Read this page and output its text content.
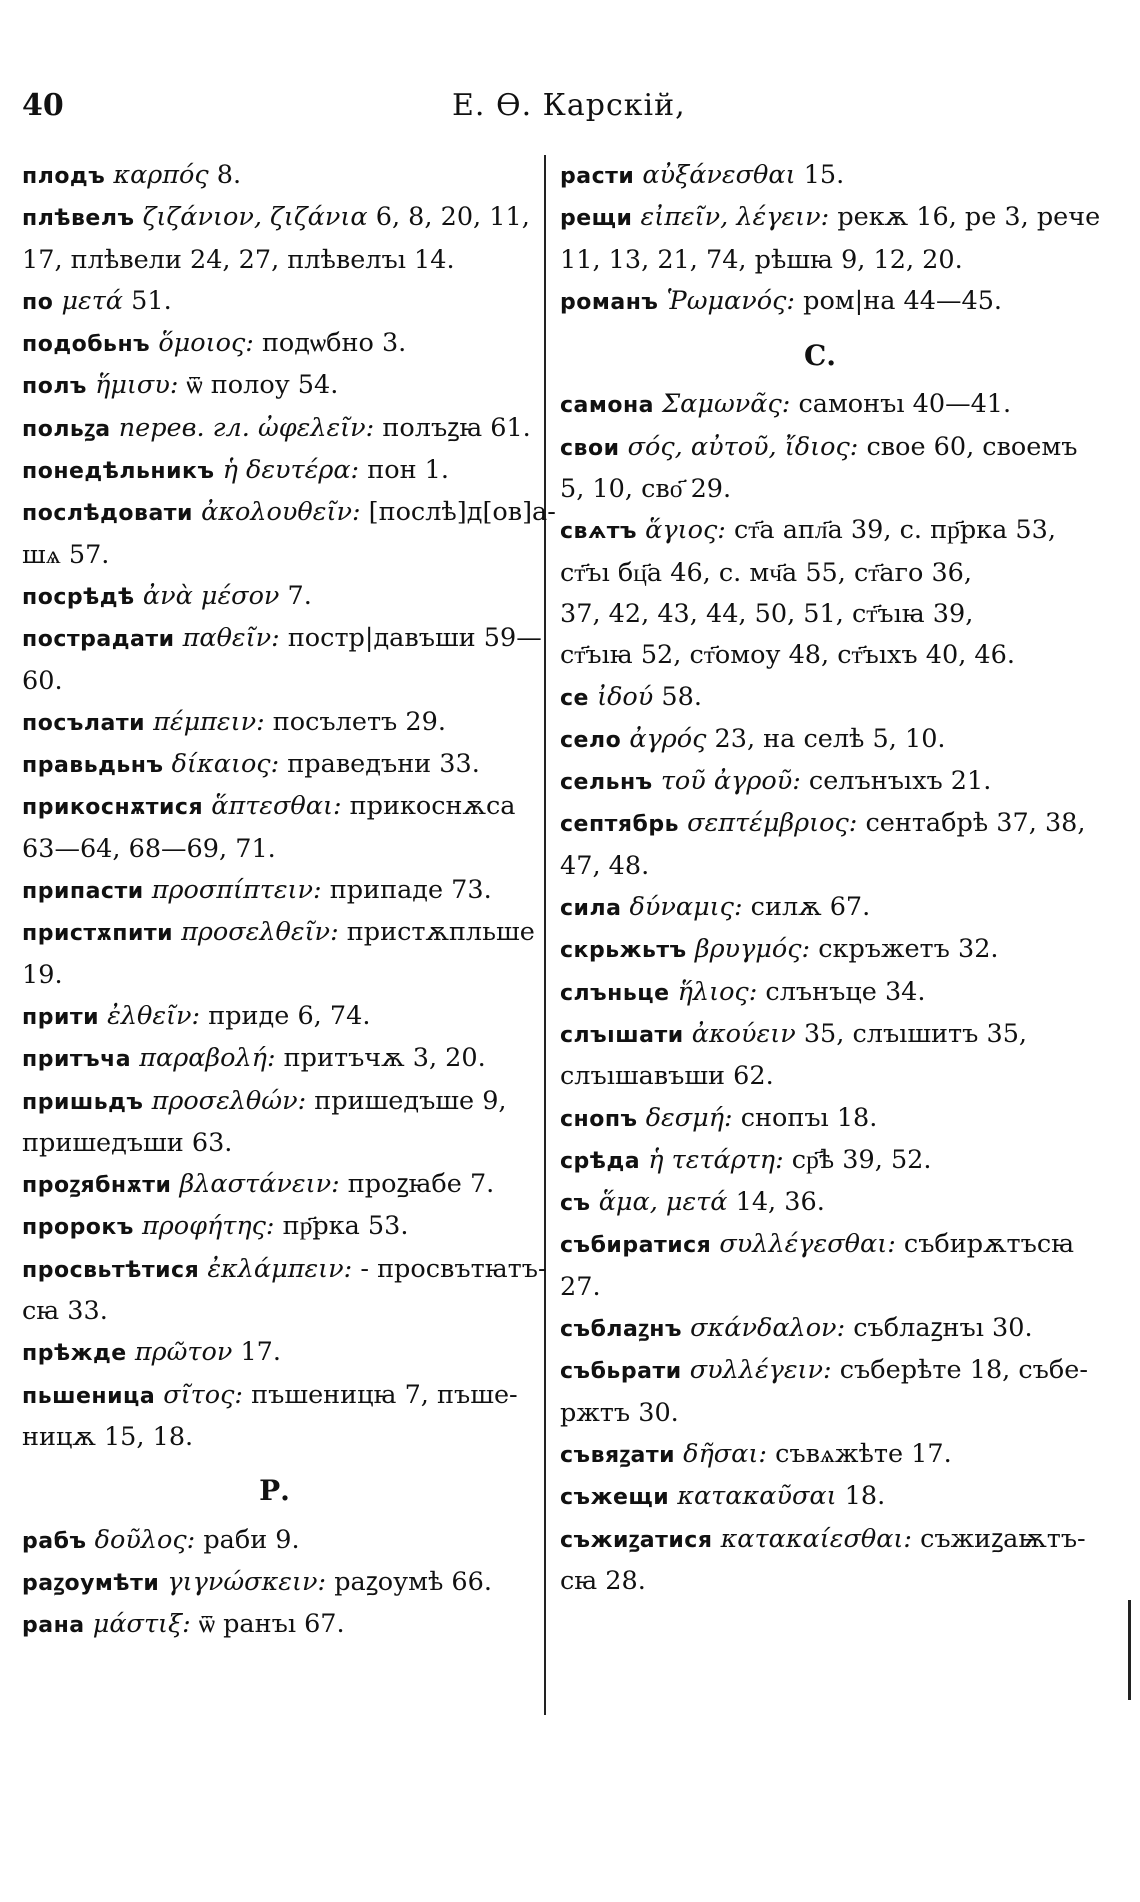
40	Е. Ѳ. Карскій,

плодъ καρπός 8.

плѣвелъ ζιζάνιον, ζιζάνια 6, 8, 20, 11,

17, плѣвели 24, 27, плѣвелъı 14.

по μετά 51.

подобьнъ ὅμοιος: подѡбно 3.

полъ ἥμισυ: ѿ полоу 54.

польꙁа перев. гл. ὠφελεῖν: полъꙁꙗ 61.

понедѣльникъ ἡ δευτέρα: пон 1.

послѣдовати ἀκολουθεῖν: [послѣ]д[ов]а-

шѧ 57.

посрѣдѣ ἀνὰ μέσον 7.

пострадати παθεῖν: постр|давъши 59—

60.

посълати πέμπειν: посълетъ 29.

правьдьнъ δίκαιος: праведъни 33.

прикоснѫтися ἅπτεσθαι: прикоснѫса

63—64, 68—69, 71.

припасти προσπίπτειν: припаде 73.

пристѫпити προσελθεῖν: пристѫпльше

19.

прити ἐλθεῖν: приде 6, 74.

притъча παραβολή: притъчѫ 3, 20.

пришьдъ προσελθών: пришедъше 9,

пришедъши 63.

проꙁябнѫти βλαστάνειν: проꙁꙗбе 7.

пророкъ προφήτης: пр҃рка 53.

просвьтѣтися ἐκλάμπειν: - просвътꙗтъ-

сꙗ 33.

прѣжде πρῶτον 17.

пьшеница σῖτος: пъшеницꙗ 7, пъше-

ницѫ 15, 18.

Р.

рабъ δοῦλος: раби 9.

раꙁоумѣти γιγνώσκειν: раꙁоумѣ 66.

рана μάστιξ: ѿ ранъı 67.

расти αὐξάνεσθαι 15.

рещи εἰπεῖν, λέγειν: рекѫ 16, ре 3, рече

11, 13, 21, 74, рѣшꙗ 9, 12, 20.

романъ Ῥωμανός: ром|на 44—45.

С.

самона Σαμωνᾶς: самонъı 40—41.

свои σός, αὐτοῦ, ἴδιος: свое 60, своемъ

5, 10, сво҃ 29.

свѧтъ ἅγιος: ст҃а апл҃а 39, с. пр҃рка 53,

ст҃ъı бц҃а 46, с. мч҃а 55, ст҃аго 36,

37, 42, 43, 44, 50, 51, ст҃ъıꙗ 39,

ст҃ъıꙗ 52, ст҃омоу 48, ст҃ъıхъ 40, 46.

се ἰδού 58.

село ἀγρός 23, на селѣ 5, 10.

сельнъ τοῦ ἀγροῦ: селънъıхъ 21.

септябрь σεπτέμβριος: сентабрѣ 37, 38,

47, 48.

сила δύναμις: силѫ 67.

скрьжьтъ βρυγμός: скръжетъ 32.

слъньце ἥλιος: слънъце 34.

слъıшати ἀκούειν 35, слъıшитъ 35,

слъıшавъши 62.

снопъ δεσμή: снопъı 18.

срѣда ἡ τετάρτη: ср҃ѣ 39, 52.

съ ἅμα, μετά 14, 36.

събиратися συλλέγεσθαι: събирѫтъсꙗ

27.

съблаꙁнъ σκάνδαλον: съблаꙁнъı 30.

събьрати συλλέγειν: съберѣте 18, събе-

ржтъ 30.

съвяꙁати δῆσαι: съвѧжѣте 17.

съжещи κατακαῦσαι 18.

съжиꙁатися κατακαίεσθαι: съжиꙁаѭтъ-

сꙗ 28.
